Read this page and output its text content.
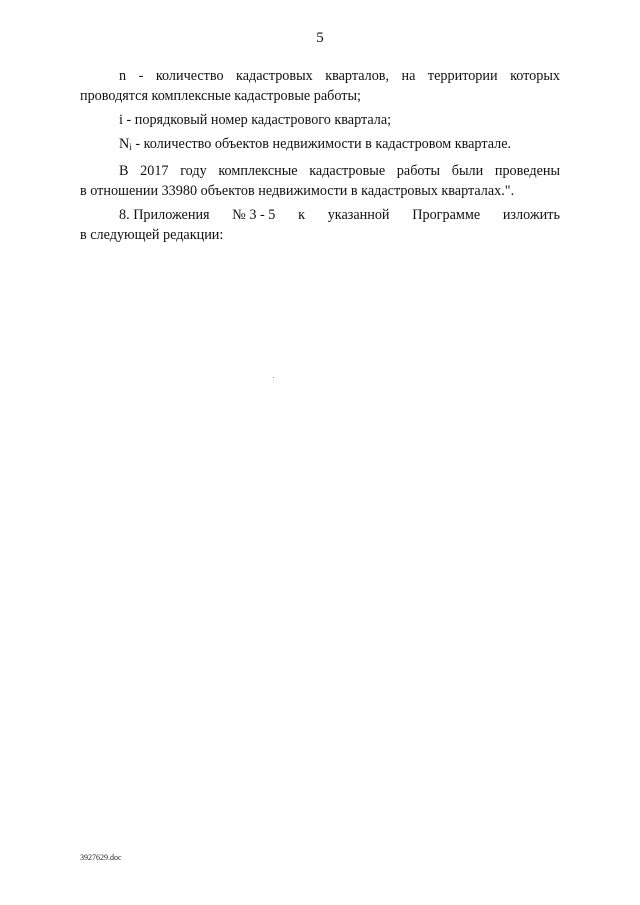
5

n - количество кадастровых кварталов, на территории которых

проводятся комплексные кадастровые работы;

i - порядковый номер кадастрового квартала;

$N_i$ - количество объектов недвижимости в кадастровом квартале.

В 2017 году комплексные кадастровые работы были проведены

в отношении 33980 объектов недвижимости в кадастровых кварталах.".

8. Приложения № 3 - 5 к указанной Программе изложить

в следующей редакции:

3927629.doc
